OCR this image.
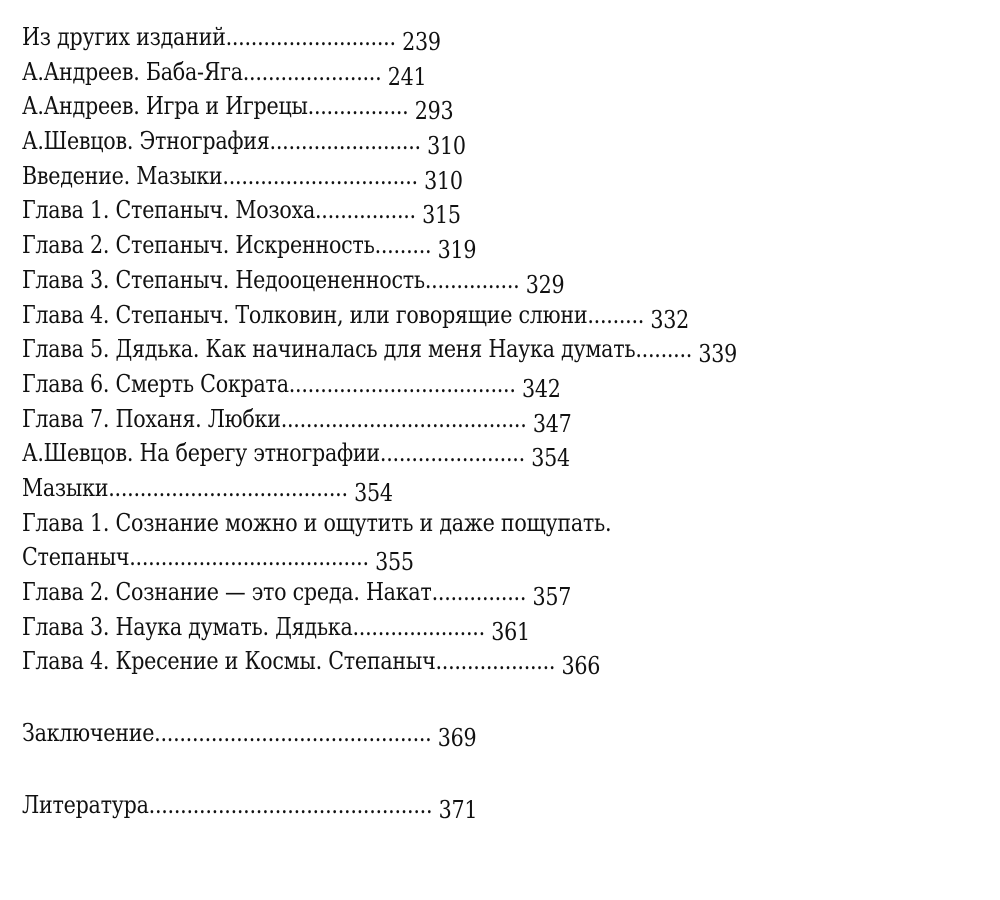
Из других изданий........................... 239
А.Андреев. Баба-Яга...................... 241
А.Андреев. Игра и Игрецы................ 293
А.Шевцов. Этнография........................ 310
Введение. Мазыки............................... 310
Глава 1. Степаныч. Мозоха................ 315
Глава 2. Степаныч. Искренность......... 319
Глава 3. Степаныч. Недооцененность............... 329
Глава 4. Степаныч. Толковин, или говорящие слюни......... 332
Глава 5. Дядька. Как начиналась для меня Наука думать......... 339
Глава 6. Смерть Сократа.................................... 342
Глава 7. Поханя. Любки....................................... 347
А.Шевцов. На берегу этнографии....................... 354
Мазыки...................................... 354
Глава 1. Сознание можно и ощутить и даже пощупать.
Степаныч...................................... 355
Глава 2. Сознание — это среда. Накат............... 357
Глава 3. Наука думать. Дядька..................... 361
Глава 4. Кресение и Космы. Степаныч................... 366
Заключение............................................ 369
Литература............................................. 371
